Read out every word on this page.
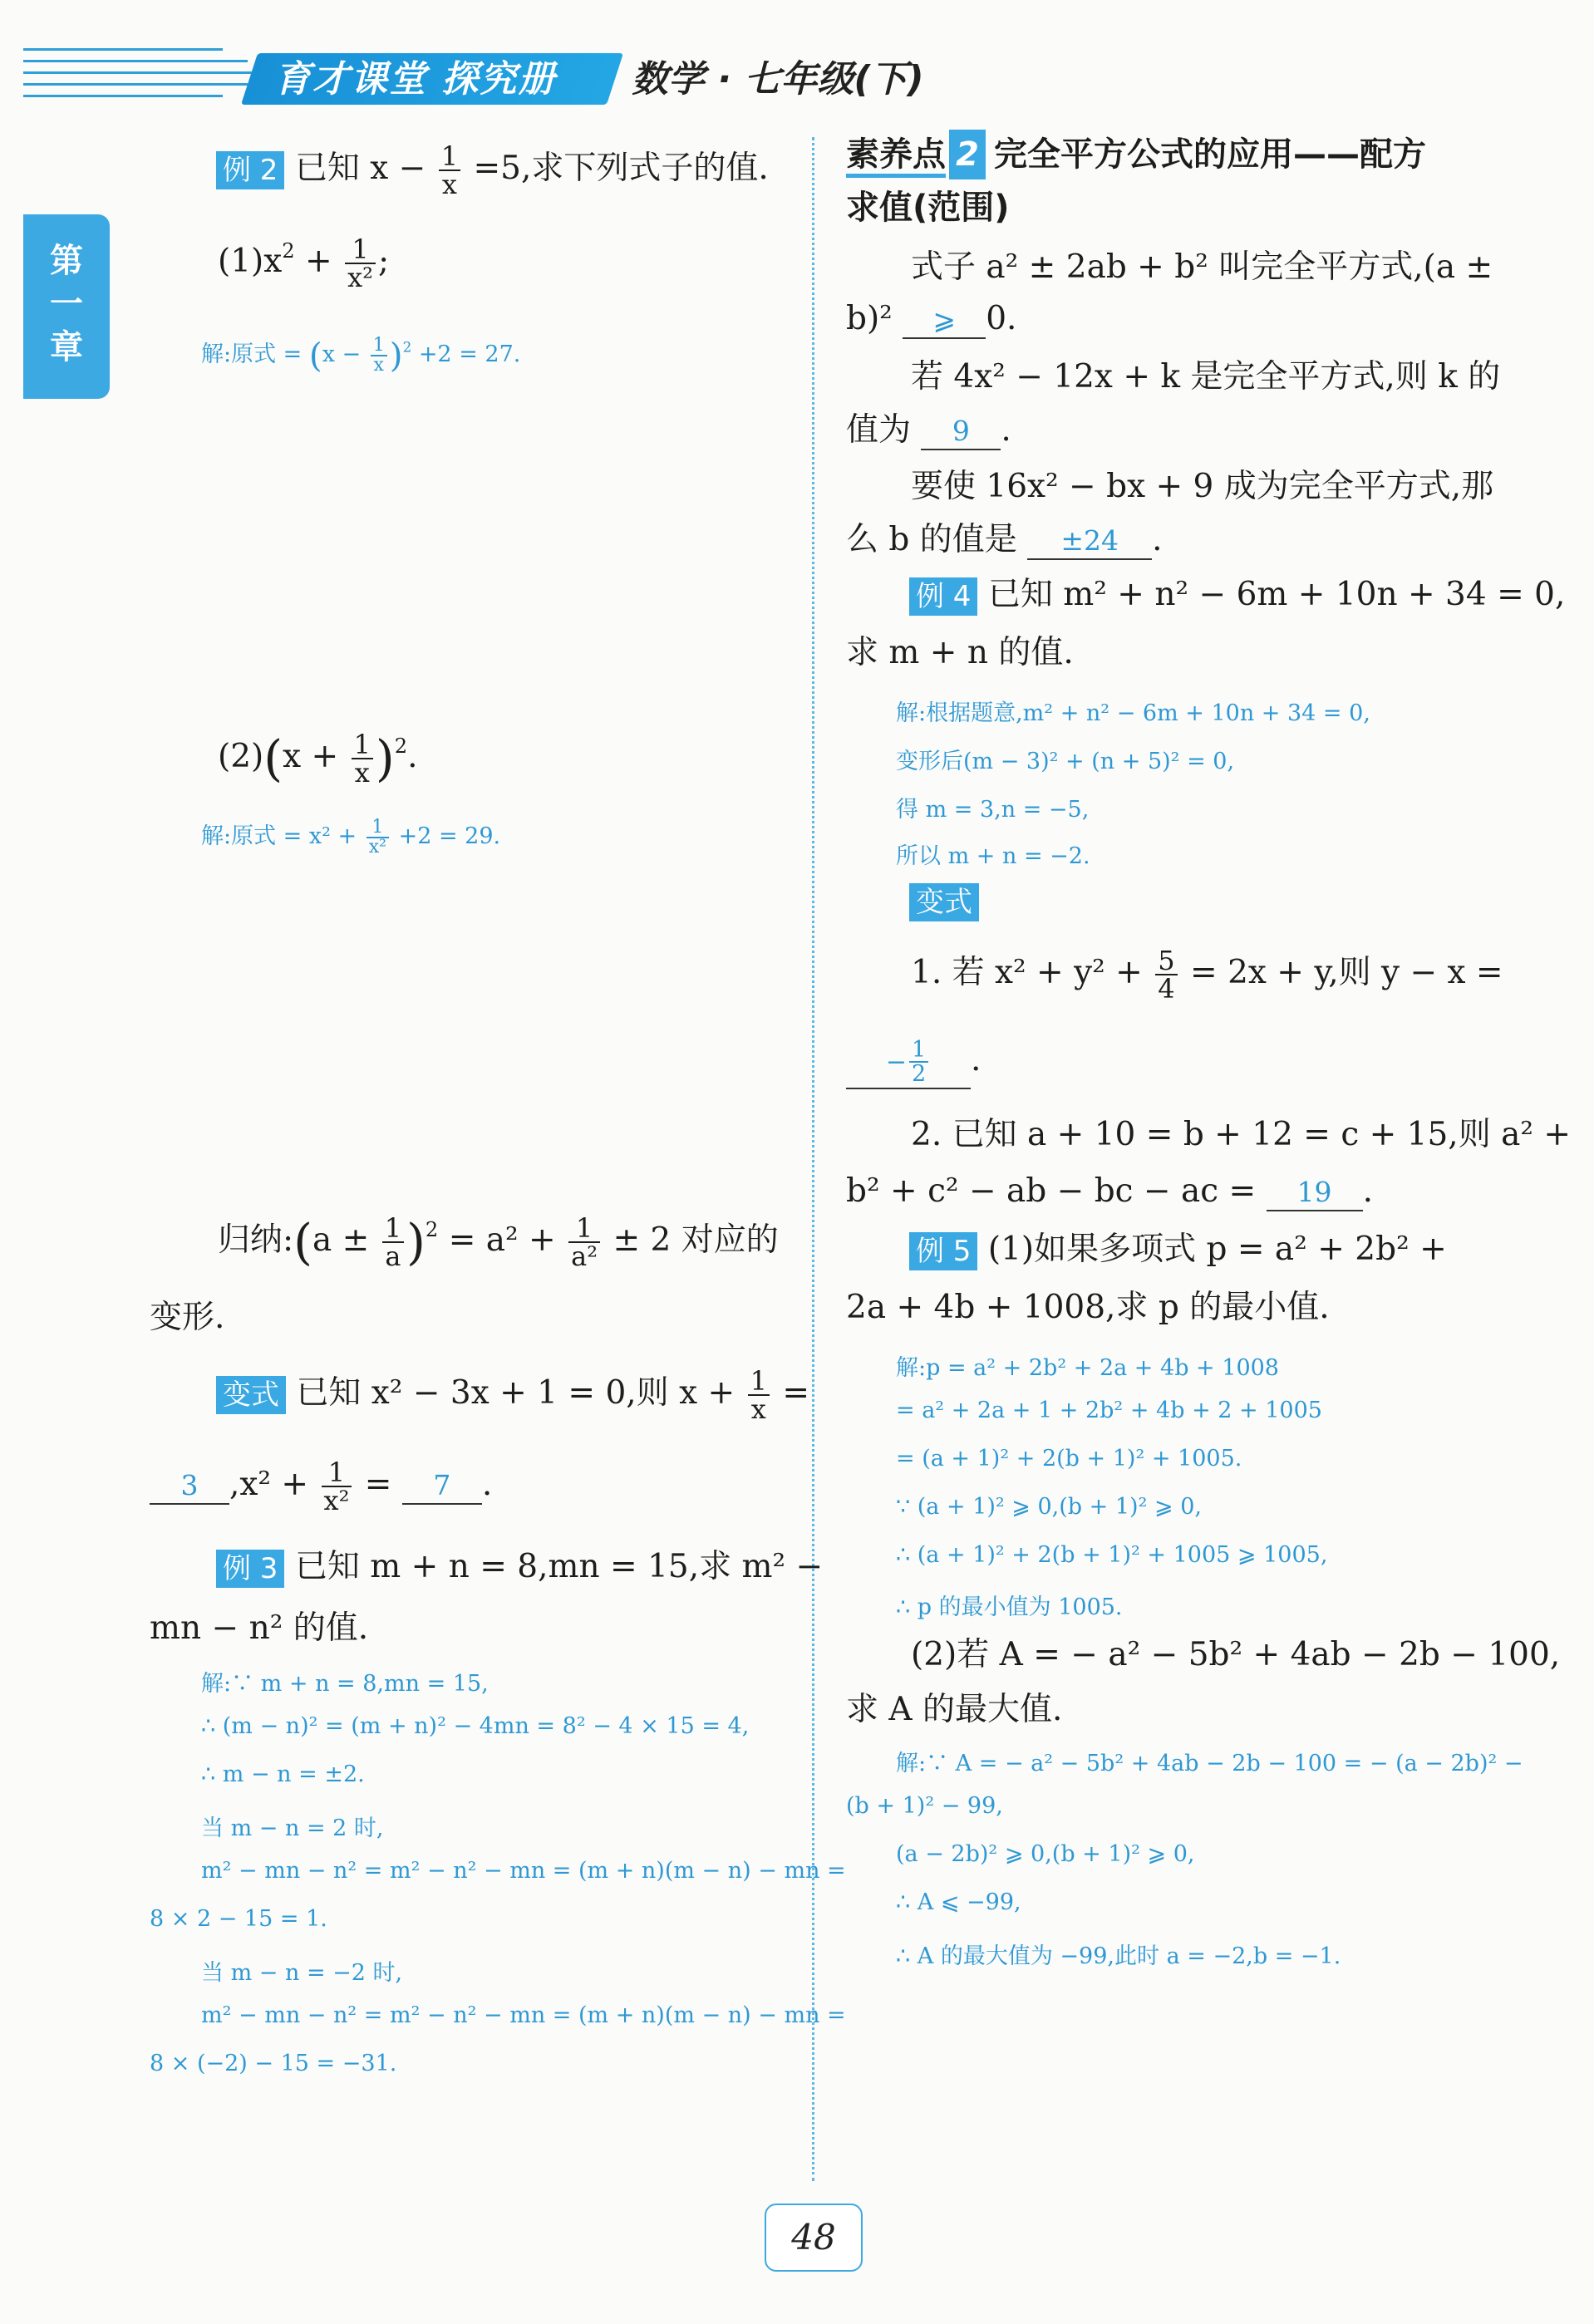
育才课堂 探究册	数学 · 七年级(下)
第
一
章
例 2 已知 $x - \frac{1}{x} =5$,求下列式子的值.
$(1)x^2 + \frac{1}{\text{x²}}$ ;
解:原式 = $(x - \frac{1}{x} )^2 +2 = 27$.
$(2)(x + \frac{1}{x} )^2$.
解:原式 = $x^2 + \frac{1}{\text{x²}} +2 = 29$.
归纳:(a ± $\frac{1}{a} )^2 = a^2 + \frac{1}{\text{a²}} \pm 2$ 对应的
变形.
变式 已知 x² − 3x + 1 = 0,则 $x + \frac{1}{x}$ =
3 $,x^2 + \frac{1}{\text{x²}} = 7$ .
例 3 已知 m + n = 8,mn = 15,求 m² −
mn − n² 的值.
解:∵ m + n = 8,mn = 15,
∴ (m − n)² = (m + n)² − 4mn = 8² − 4 × 15 = 4,
∴ m − n = ±2.
当 m − n = 2 时,
m² − mn − n² = m² − n² − mn = (m + n)(m − n) − mn =
8 × 2 − 15 = 1.
当 m − n = −2 时,
m² − mn − n² = m² − n² − mn = (m + n)(m − n) − mn =
8 × (−2) − 15 = −31.
素养点 2 完全平方公式的应用——配方
求值(范围)
式子 a² ± 2ab + b² 叫完全平方式,(a ±
b)² ⩾ 0.
若 4x² − 12x + k 是完全平方式,则 k 的
值为 9 .
要使 16x² − bx + 9 成为完全平方式,那
么 b 的值是 ±24 .
例 4 已知 m² + n² − 6m + 10n + 34 = 0,
求 m + n 的值.
解:根据题意,m² + n² − 6m + 10n + 34 = 0,
变形后(m − 3)² + (n + 5)² = 0,
得 m = 3,n = −5,
所以 m + n = −2.
变式
1. 若 $x^2 + y^2 + \frac{5}{4} = 2x + y$,则 y − x =
− $\frac{1}{2}$ .
2. 已知 a + 10 = b + 12 = c + 15,则 a² +
b² + c² − ab − bc − ac = 19 .
例 5 (1)如果多项式 p = a² + 2b² +
2a + 4b + 1008,求 p 的最小值.
解:p = a² + 2b² + 2a + 4b + 1008
= a² + 2a + 1 + 2b² + 4b + 2 + 1005
= (a + 1)² + 2(b + 1)² + 1005.
∵ (a + 1)² ⩾ 0,(b + 1)² ⩾ 0,
∴ (a + 1)² + 2(b + 1)² + 1005 ⩾ 1005,
∴ p 的最小值为 1005.
(2)若 A = − a² − 5b² + 4ab − 2b − 100,
求 A 的最大值.
解:∵ A = − a² − 5b² + 4ab − 2b − 100 = − (a − 2b)² −
(b + 1)² − 99,
(a − 2b)² ⩾ 0,(b + 1)² ⩾ 0,
∴ A ⩽ −99,
∴ A 的最大值为 −99,此时 a = −2,b = −1.
48
